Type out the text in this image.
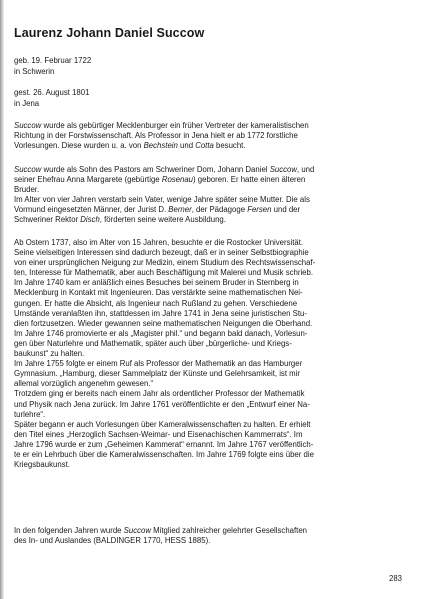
Laurenz Johann Daniel Succow
geb. 19. Februar 1722
in Schwerin
gest. 26. August 1801
in Jena
Succow wurde als gebürtiger Mecklenburger ein früher Vertreter der kameralistischen
Richtung in der Forstwissenschaft. Als Professor in Jena hielt er ab 1772 forstliche
Vorlesungen. Diese wurden u. a. von Bechstein und Cotta besucht.
Succow wurde als Sohn des Pastors am Schweriner Dom, Johann Daniel Succow, und
seiner Ehefrau Anna Margarete (gebürtige Rosenau) geboren. Er hatte einen älteren
Bruder.
Im Alter von vier Jahren verstarb sein Vater, wenige Jahre später seine Mutter. Die als
Vormund eingesetzten Männer, der Jurist D. Berner, der Pädagoge Fersen und der
Schweriner Rektor Disch, förderten seine weitere Ausbildung.
Ab Ostern 1737, also im Alter von 15 Jahren, besuchte er die Rostocker Universität.
Seine vielseitigen Interessen sind dadurch bezeugt, daß er in seiner Selbstbiographie
von einer ursprünglichen Neigung zur Medizin, einem Studium des Rechtswissenschaf-
ten, Interesse für Mathematik, aber auch Beschäftigung mit Malerei und Musik schrieb.
Im Jahre 1740 kam er anläßlich eines Besuches bei seinem Bruder in Sternberg in
Mecklenburg in Kontakt mit Ingenieuren. Das verstärkte seine mathematischen Nei-
gungen. Er hatte die Absicht, als Ingenieur nach Rußland zu gehen. Verschiedene
Umstände veranlaßten ihn, stattdessen im Jahre 1741 in Jena seine juristischen Stu-
dien fortzusetzen. Wieder gewannen seine mathematischen Neigungen die Oberhand.
Im Jahre 1746 promovierte er als „Magister phil.“ und begann bald danach, Vorlesun-
gen über Naturlehre und Mathematik, später auch über „bürgerliche- und Kriegs-
baukunst“ zu halten.
Im Jahre 1755 folgte er einem Ruf als Professor der Mathematik an das Hamburger
Gymnasium. „Hamburg, dieser Sammelplatz der Künste und Gelehrsamkeit, ist mir
allemal vorzüglich angenehm gewesen.“
Trotzdem ging er bereits nach einem Jahr als ordentlicher Professor der Mathematik
und Physik nach Jena zurück. Im Jahre 1761 veröffentlichte er den „Entwurf einer Na-
turlehre“.
Später begann er auch Vorlesungen über Kameralwissenschaften zu halten. Er erhielt
den Titel eines „Herzoglich Sachsen-Weimar- und Eisenachischen Kammerrats“. Im
Jahre 1796 wurde er zum „Geheimen Kammerat“ ernannt. Im Jahre 1767 veröffentlich-
te er ein Lehrbuch über die Kameralwissenschaften. Im Jahre 1769 folgte eins über die
Kriegsbaukunst.
In den folgenden Jahren wurde Succow Mitglied zahlreicher gelehrter Gesellschaften
des In- und Auslandes (BALDINGER 1770, HESS 1885).
283
